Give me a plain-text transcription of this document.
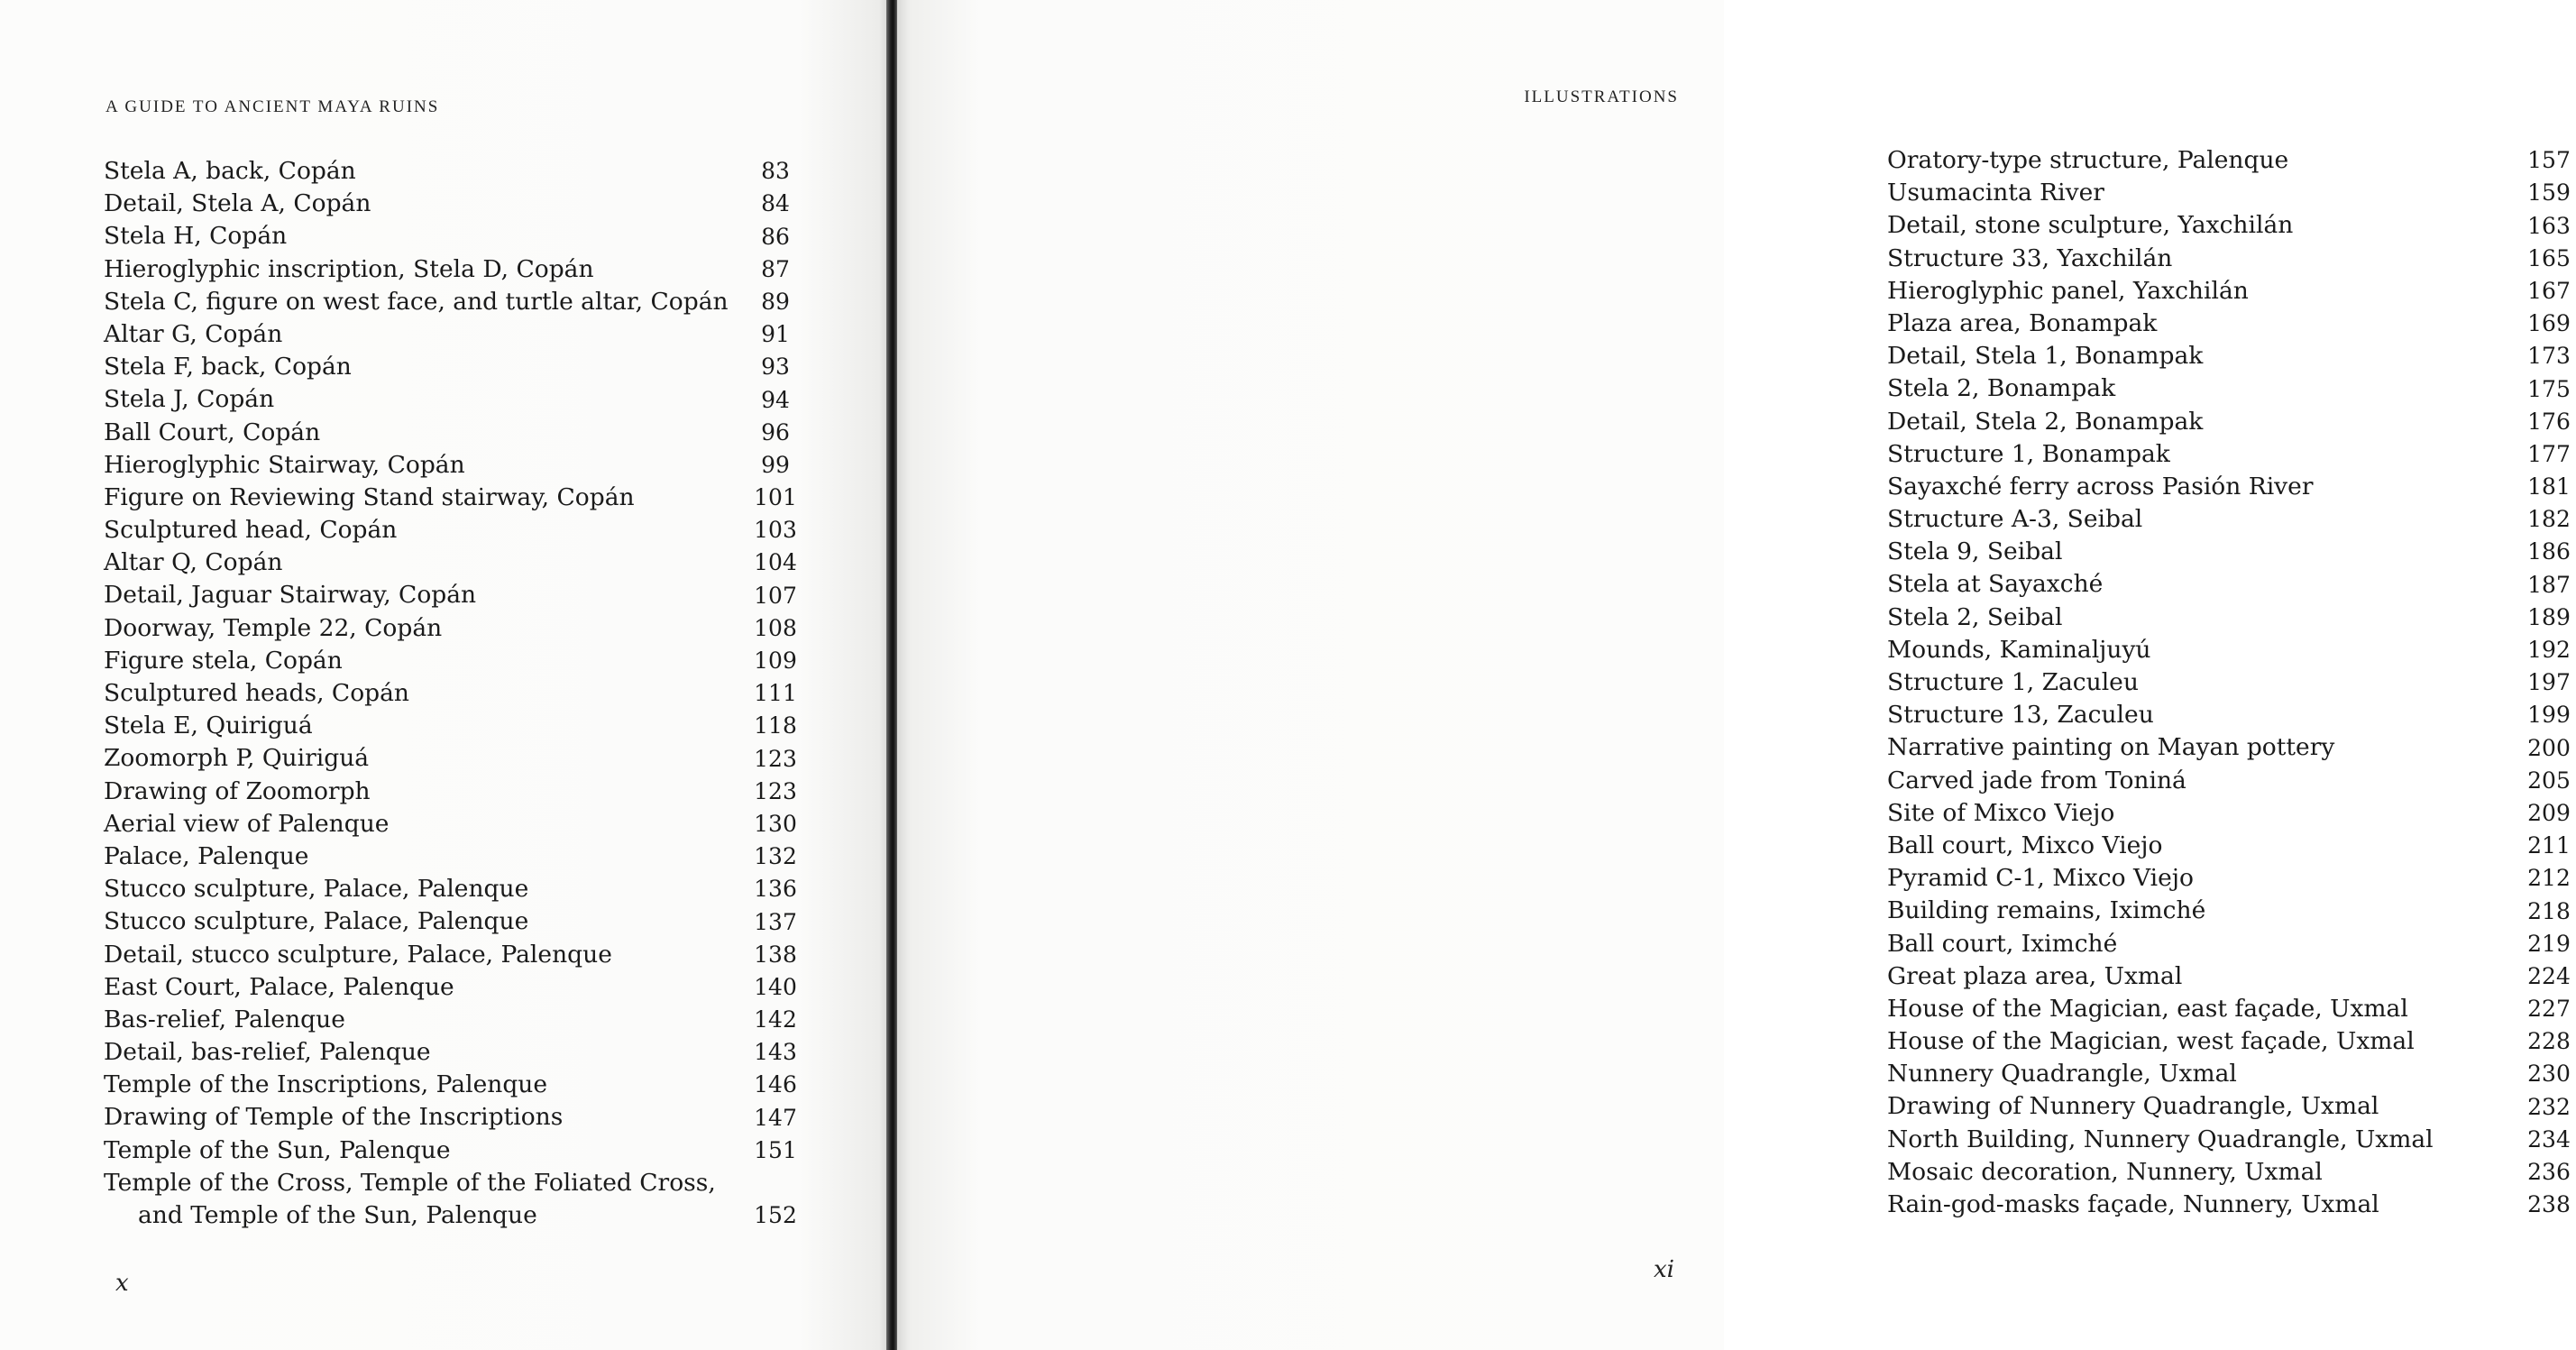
A GUIDE TO ANCIENT MAYA RUINS
Stela A, back, Copán	83
Detail, Stela A, Copán	84
Stela H, Copán	86
Hieroglyphic inscription, Stela D, Copán	87
Stela C, figure on west face, and turtle altar, Copán	89
Altar G, Copán	91
Stela F, back, Copán	93
Stela J, Copán	94
Ball Court, Copán	96
Hieroglyphic Stairway, Copán	99
Figure on Reviewing Stand stairway, Copán	101
Sculptured head, Copán	103
Altar Q, Copán	104
Detail, Jaguar Stairway, Copán	107
Doorway, Temple 22, Copán	108
Figure stela, Copán	109
Sculptured heads, Copán	111
Stela E, Quiriguá	118
Zoomorph P, Quiriguá	123
Drawing of Zoomorph	123
Aerial view of Palenque	130
Palace, Palenque	132
Stucco sculpture, Palace, Palenque	136
Stucco sculpture, Palace, Palenque	137
Detail, stucco sculpture, Palace, Palenque	138
East Court, Palace, Palenque	140
Bas-relief, Palenque	142
Detail, bas-relief, Palenque	143
Temple of the Inscriptions, Palenque	146
Drawing of Temple of the Inscriptions	147
Temple of the Sun, Palenque	151
Temple of the Cross, Temple of the Foliated Cross,
and Temple of the Sun, Palenque	152
x
ILLUSTRATIONS
Oratory-type structure, Palenque	157
Usumacinta River	159
Detail, stone sculpture, Yaxchilán	163
Structure 33, Yaxchilán	165
Hieroglyphic panel, Yaxchilán	167
Plaza area, Bonampak	169
Detail, Stela 1, Bonampak	173
Stela 2, Bonampak	175
Detail, Stela 2, Bonampak	176
Structure 1, Bonampak	177
Sayaxché ferry across Pasión River	181
Structure A-3, Seibal	182
Stela 9, Seibal	186
Stela at Sayaxché	187
Stela 2, Seibal	189
Mounds, Kaminaljuyú	192
Structure 1, Zaculeu	197
Structure 13, Zaculeu	199
Narrative painting on Mayan pottery	200
Carved jade from Toniná	205
Site of Mixco Viejo	209
Ball court, Mixco Viejo	211
Pyramid C-1, Mixco Viejo	212
Building remains, Iximché	218
Ball court, Iximché	219
Great plaza area, Uxmal	224
House of the Magician, east façade, Uxmal	227
House of the Magician, west façade, Uxmal	228
Nunnery Quadrangle, Uxmal	230
Drawing of Nunnery Quadrangle, Uxmal	232
North Building, Nunnery Quadrangle, Uxmal	234
Mosaic decoration, Nunnery, Uxmal	236
Rain-god-masks façade, Nunnery, Uxmal	238
xi
